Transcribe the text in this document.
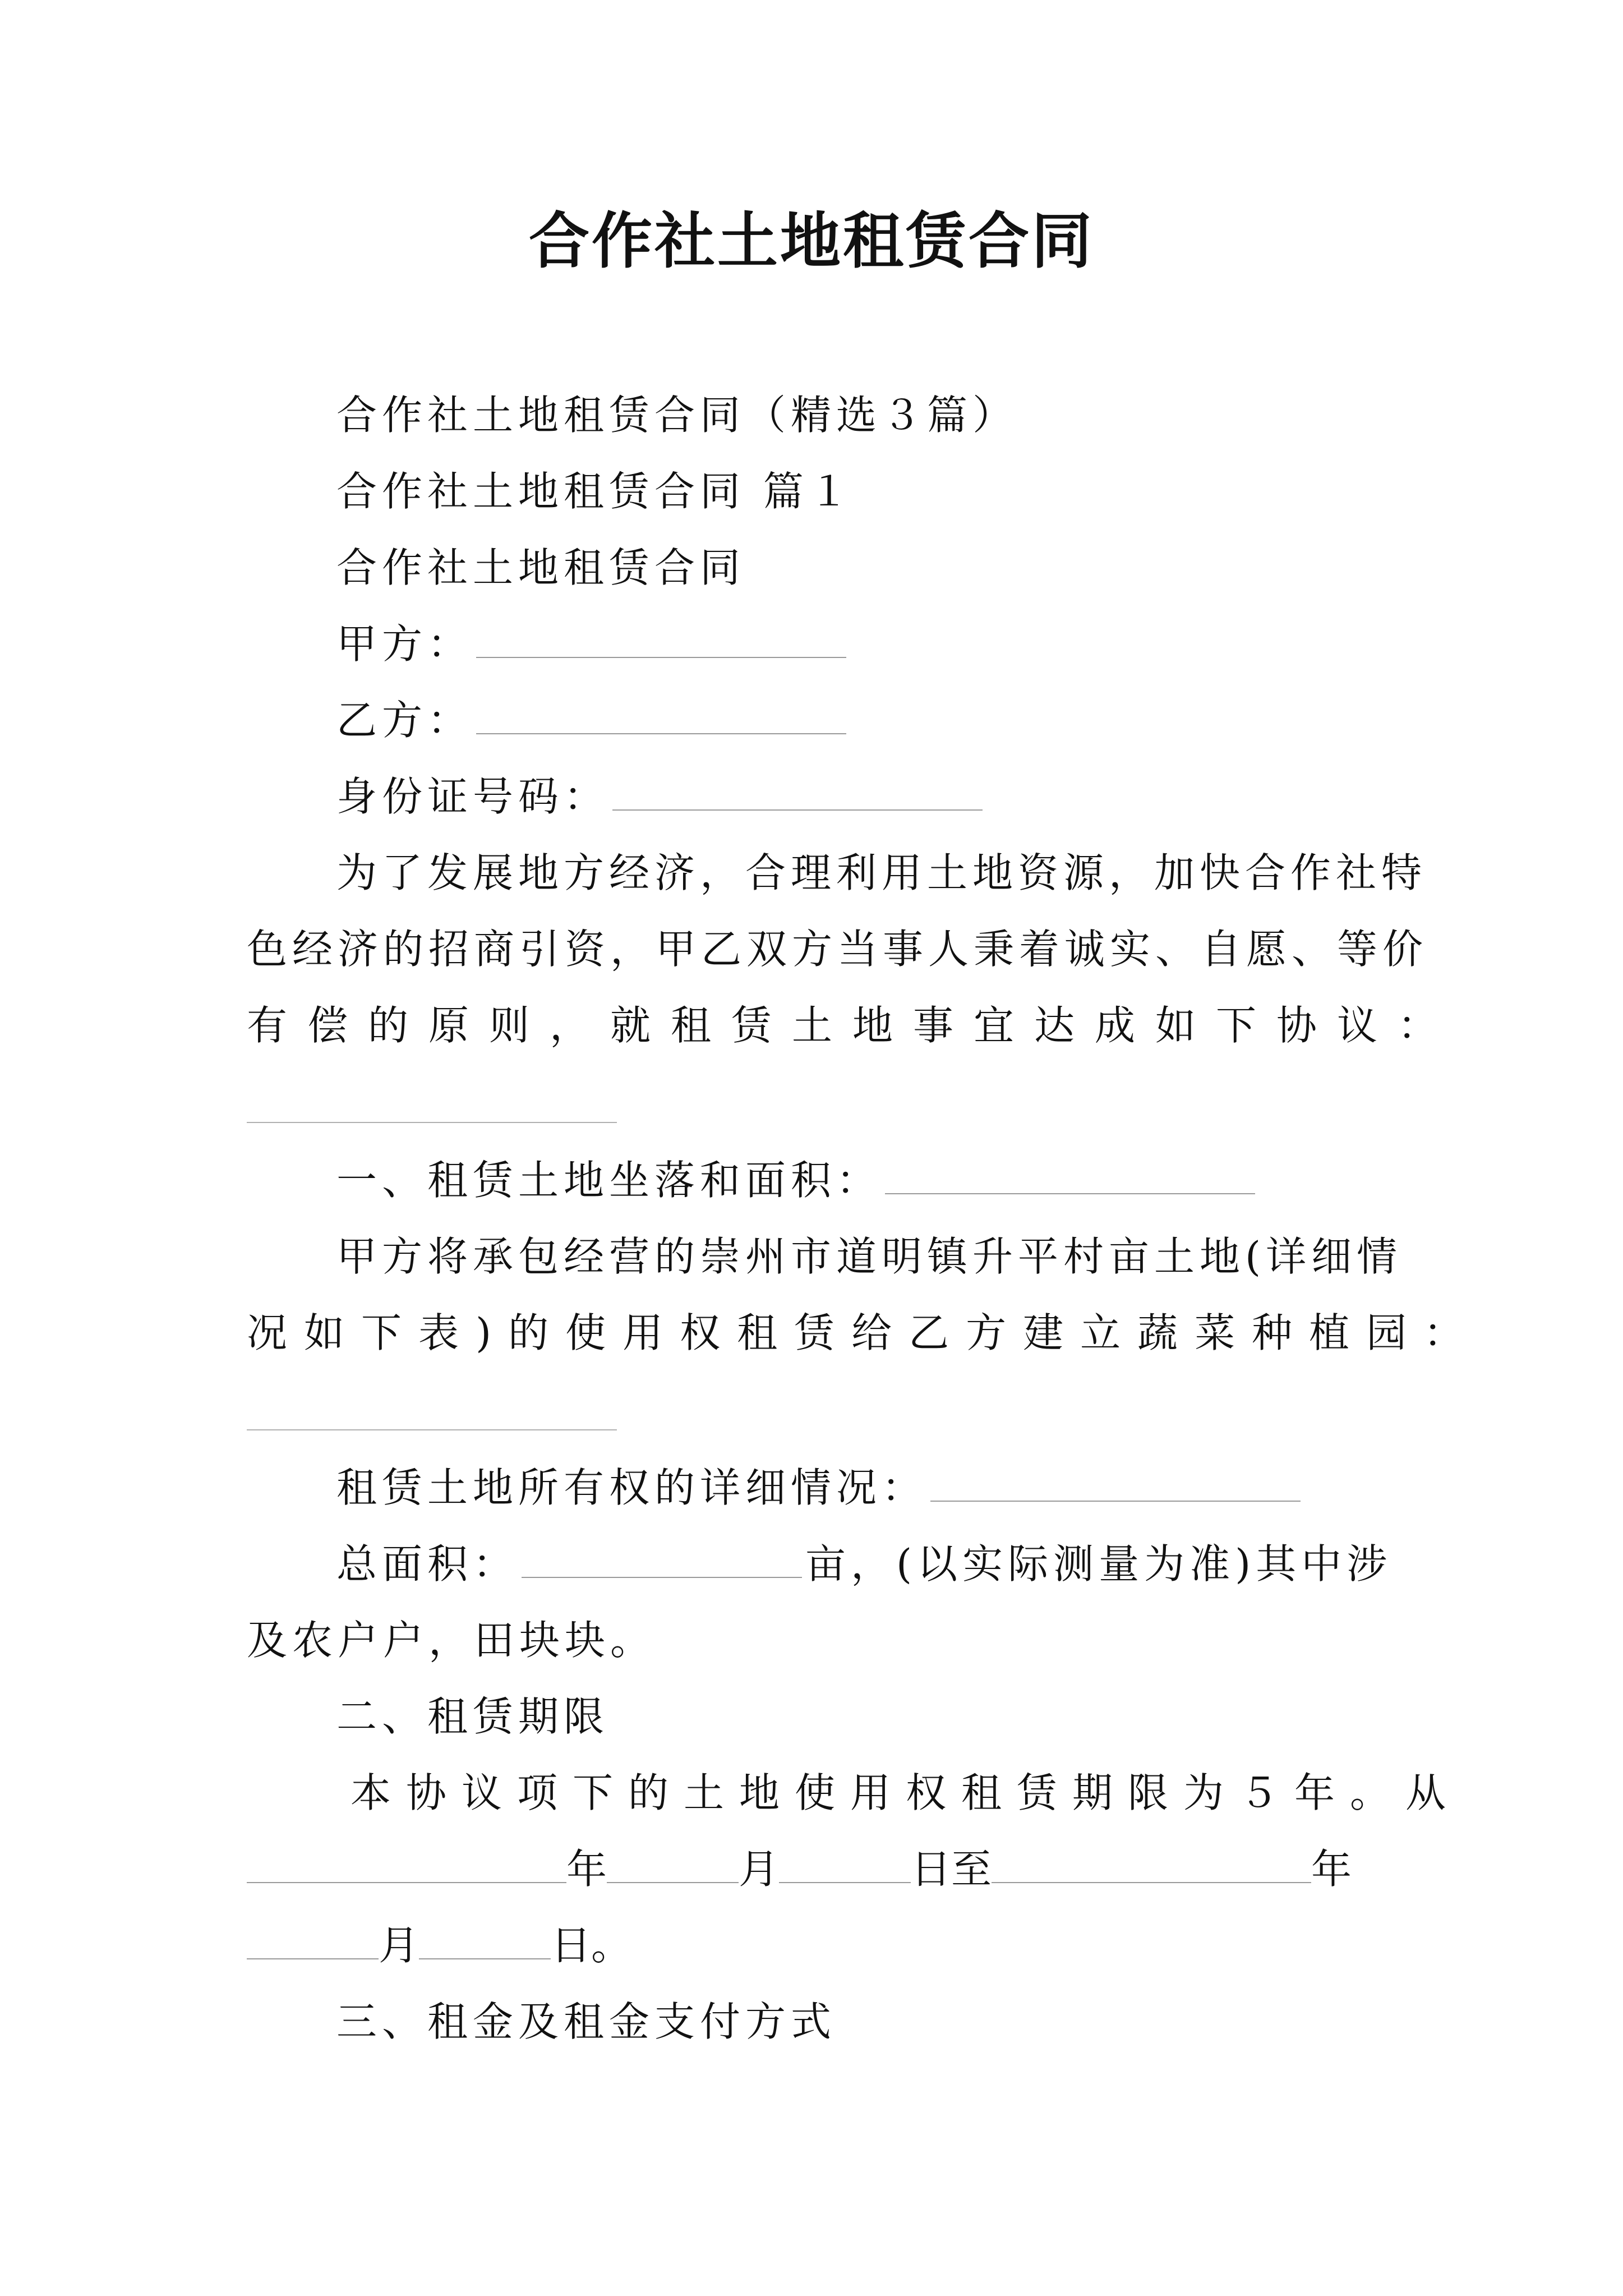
合作社土地租赁合同
合作社土地租赁合同（精选３篇）
合作社土地租赁合同 篇１
合作社土地租赁合同
甲方：
乙方：
身份证号码：
为了发展地方经济，合理利用土地资源，加快合作社特
色经济的招商引资，甲乙双方当事人秉着诚实、自愿、等价
有偿的原则，就租赁土地事宜达成如下协议：
一、租赁土地坐落和面积：
甲方将承包经营的崇州市道明镇升平村亩土地(详细情
况如下表)的使用权租赁给乙方建立蔬菜种植园：
租赁土地所有权的详细情况：
总面积：	亩，(以实际测量为准)其中涉
及农户户，田块块。
二、租赁期限
本协议项下的土地使用权租赁期限为５年。从
年	月	日至	年
月	日。
三、租金及租金支付方式
